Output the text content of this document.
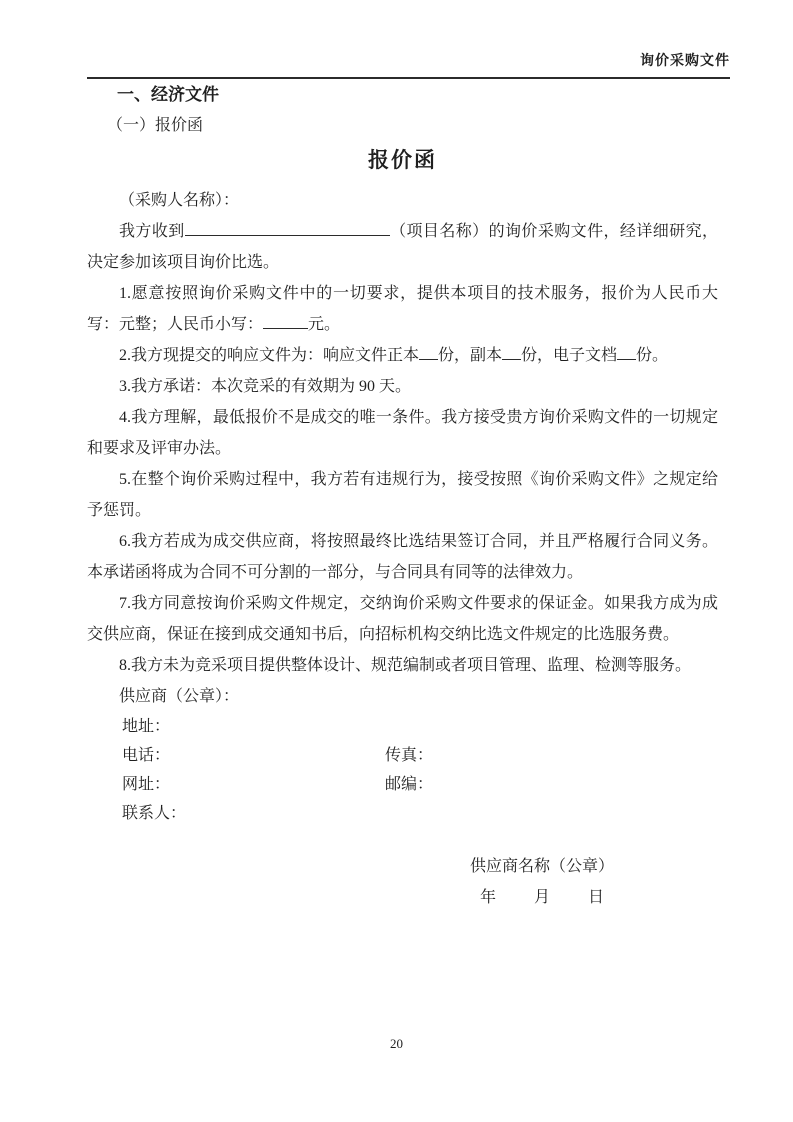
询价采购文件
一、经济文件
（一）报价函
报价函

（采购人名称）：

我方收到	（项目名称）的询价采购文件，经详细研究，决定参加该项目询价比选。

1.愿意按照询价采购文件中的一切要求，提供本项目的技术服务，报价为人民币大写：元整；人民币小写：	元。

2.我方现提交的响应文件为：响应文件正本 份，副本 份，电子文档 份。

3.我方承诺：本次竞采的有效期为 90 天。

4.我方理解，最低报价不是成交的唯一条件。我方接受贵方询价采购文件的一切规定和要求及评审办法。

5.在整个询价采购过程中，我方若有违规行为，接受按照《询价采购文件》之规定给予惩罚。

6.我方若成为成交供应商，将按照最终比选结果签订合同，并且严格履行合同义务。本承诺函将成为合同不可分割的一部分，与合同具有同等的法律效力。

7.我方同意按询价采购文件规定，交纳询价采购文件要求的保证金。如果我方成为成交供应商，保证在接到成交通知书后，向招标机构交纳比选文件规定的比选服务费。

8.我方未为竞采项目提供整体设计、规范编制或者项目管理、监理、检测等服务。

供应商（公章）：

地址：
电话：	传真：
网址：	邮编：
联系人：
供应商名称（公章）
年　　月　　日
20
